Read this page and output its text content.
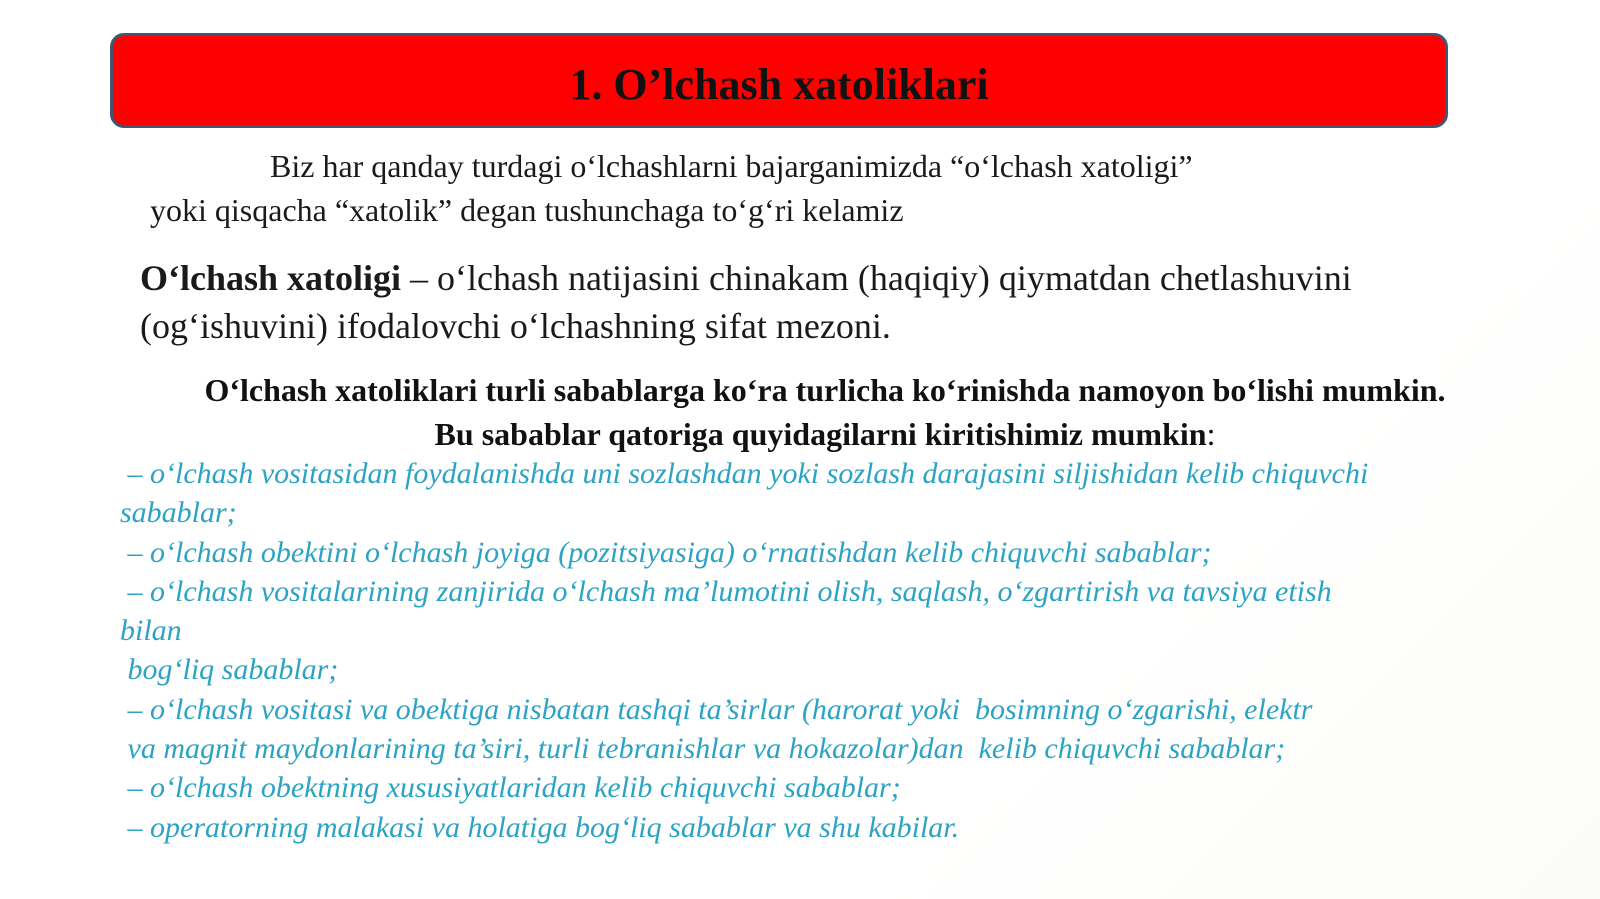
1. O’lchash xatoliklari
Biz har qanday turdagi o‘lchashlarni bajarganimizda “o‘lchash xatoligi”
yoki qisqacha “xatolik” degan tushunchaga to‘g‘ri kelamiz
O‘lchash xatoligi – o‘lchash natijasini chinakam (haqiqiy) qiymatdan chetlashuvini (og‘ishuvini) ifodalovchi o‘lchashning sifat mezoni.
O‘lchash xatoliklari turli sabablarga ko‘ra turlicha ko‘rinishda namoyon bo‘lishi mumkin. Bu sabablar qatoriga quyidagilarni kiritishimiz mumkin:
– o‘lchash vositasidan foydalanishda uni sozlashdan yoki sozlash darajasini siljishidan kelib chiquvchi
sabablar;
– o‘lchash obektini o‘lchash joyiga (pozitsiyasiga) o‘rnatishdan kelib chiquvchi sabablar;
– o‘lchash vositalarining zanjirida o‘lchash ma’lumotini olish, saqlash, o‘zgartirish va tavsiya etish
bilan
bog‘liq sabablar;
– o‘lchash vositasi va obektiga nisbatan tashqi ta’sirlar (harorat yoki  bosimning o‘zgarishi, elektr
va magnit maydonlarining ta’siri, turli tebranishlar va hokazolar)dan  kelib chiquvchi sabablar;
– o‘lchash obektning xususiyatlaridan kelib chiquvchi sabablar;
– operatorning malakasi va holatiga bog‘liq sabablar va shu kabilar.
